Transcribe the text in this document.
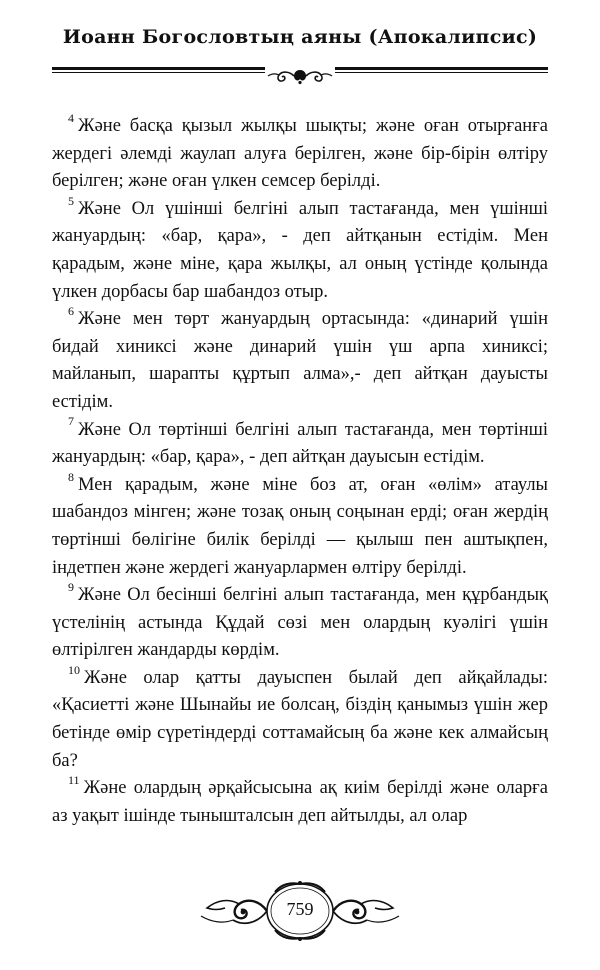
Иоанн Богословтың аяны (Апокалипсис)

$^4$ Және басқа қызыл жылқы шықты; және оған отырғанға жердегі әлемді жаулап алуға берілген, және бір-бірін өлтіру берілген; және оған үлкен семсер берілді.

$^5$ Және Ол үшінші белгіні алып тастағанда, мен үшінші жануардың: «бар, қара», - деп айтқанын естідім. Мен қарадым, және міне, қара жылқы, ал оның үстінде қолында үлкен дорбасы бар шабандоз отыр.

$^6$ Және мен төрт жануардың ортасында: «динарий үшін бидай хиниксі және динарий үшін үш арпа хиниксі; майланып, шарапты құртып алма»,- деп айтқан дауысты естідім.

$^7$ Және Ол төртінші белгіні алып тастағанда, мен төртінші жануардың: «бар, қара», - деп айтқан дауысын естідім.

$^8$ Мен қарадым, және міне боз ат, оған «өлім» атаулы шабандоз мінген; және тозақ оның соңынан ерді; оған жердің төртінші бөлігіне билік берілді — қылыш пен аштықпен, індетпен және жердегі жануарлармен өлтіру берілді.

$^9$ Және Ол бесінші белгіні алып тастағанда, мен құрбандық үстелінің астында Құдай сөзі мен олардың куәлігі үшін өлтірілген жандарды көрдім.

$^{10}$ Және олар қатты дауыспен былай деп айқайлады: «Қасиетті және Шынайы ие болсаң, біздің қанымыз үшін жер бетінде өмір сүретіндерді соттамайсың ба және кек алмайсың ба?

$^{11}$ Және олардың әрқайсысына ақ киім берілді және оларға аз уақыт ішінде тынышталсын деп айтылды, ал олар

759
